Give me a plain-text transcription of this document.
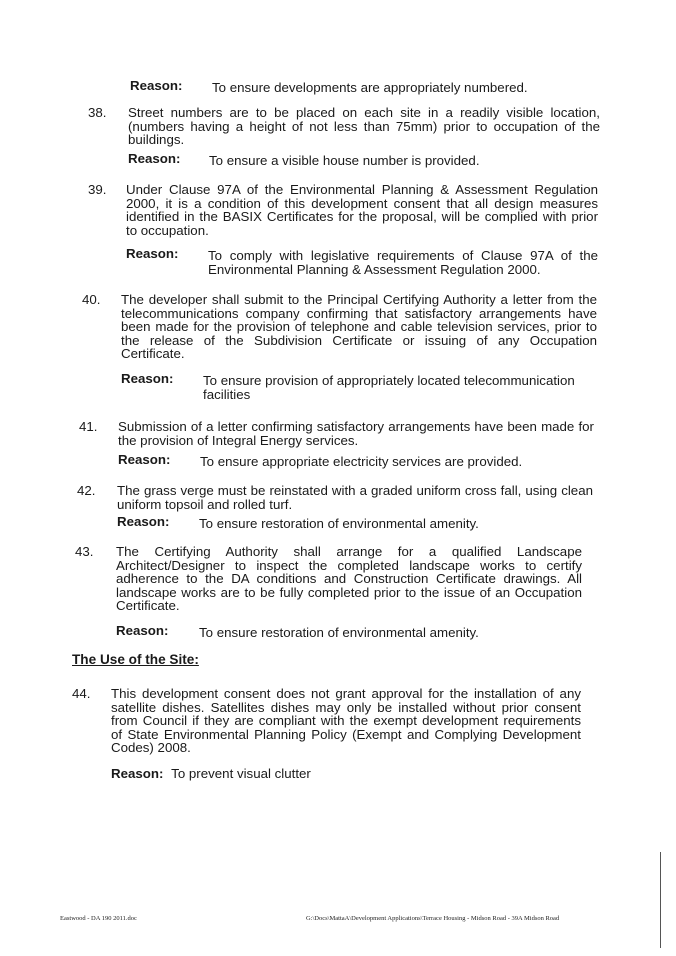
Reason: To ensure developments are appropriately numbered.
38.	Street numbers are to be placed on each site in a readily visible location, (numbers having a height of not less than 75mm) prior to occupation of the buildings.
Reason: To ensure a visible house number is provided.
39.	Under Clause 97A of the Environmental Planning & Assessment Regulation 2000, it is a condition of this development consent that all design measures identified in the BASIX Certificates for the proposal, will be complied with prior to occupation.
Reason: To comply with legislative requirements of Clause 97A of the Environmental Planning & Assessment Regulation 2000.
40.	The developer shall submit to the Principal Certifying Authority a letter from the telecommunications company confirming that satisfactory arrangements have been made for the provision of telephone and cable television services, prior to the release of the Subdivision Certificate or issuing of any Occupation Certificate.
Reason: To ensure provision of appropriately located telecommunication facilities
41.	Submission of a letter confirming satisfactory arrangements have been made for the provision of Integral Energy services.
Reason: To ensure appropriate electricity services are provided.
42.	The grass verge must be reinstated with a graded uniform cross fall, using clean uniform topsoil and rolled turf.
Reason: To ensure restoration of environmental amenity.
43.	The Certifying Authority shall arrange for a qualified Landscape Architect/Designer to inspect the completed landscape works to certify adherence to the DA conditions and Construction Certificate drawings. All landscape works are to be fully completed prior to the issue of an Occupation Certificate.
Reason: To ensure restoration of environmental amenity.
The Use of the Site:
44.	This development consent does not grant approval for the installation of any satellite dishes. Satellites dishes may only be installed without prior consent from Council if they are compliant with the exempt development requirements of State Environmental Planning Policy (Exempt and Complying Development Codes) 2008.
Reason: To prevent visual clutter
Eastwood - DA 190 2011.doc	G:\Docs\MattaA\Development Applications\Terrace Housing - Midson Road - 39A Midson Road
